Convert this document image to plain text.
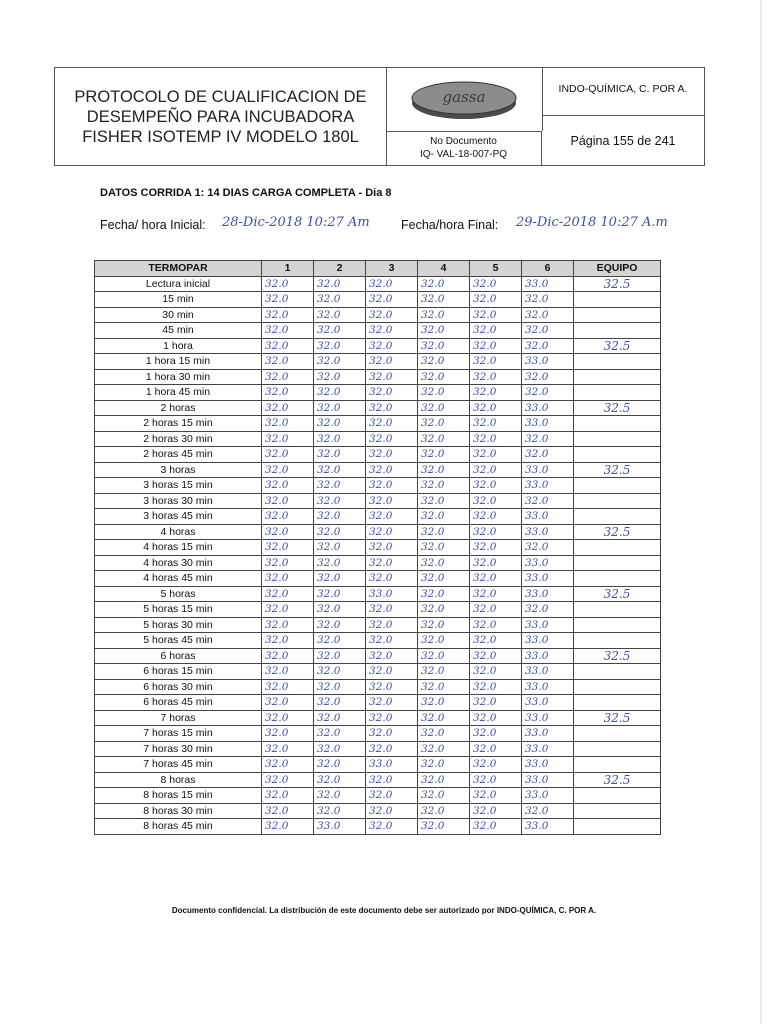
PROTOCOLO DE CUALIFICACION DE
DESEMPEÑO PARA INCUBADORA
FISHER ISOTEMP IV MODELO 180L
gassa
No Documento
IQ- VAL-18-007-PQ
INDO-QUÍMICA, C. POR A.
Página 155 de 241
DATOS CORRIDA 1: 14 DIAS CARGA COMPLETA - Dia 8
Fecha/ hora Inicial: 28-Dic-2018 10:27 Am	Fecha/hora Final: 29-Dic-2018 10:27 A.m
TERMOPAR	1	2	3	4	5	6	EQUIPO
Lectura inicial	32.0	32.0	32.0	32.0	32.0	33.0	32.5
15 min	32.0	32.0	32.0	32.0	32.0	32.0	
30 min	32.0	32.0	32.0	32.0	32.0	32.0	
45 min	32.0	32.0	32.0	32.0	32.0	32.0	
1 hora	32.0	32.0	32.0	32.0	32.0	32.0	32.5
1 hora 15 min	32.0	32.0	32.0	32.0	32.0	33.0	
1 hora 30 min	32.0	32.0	32.0	32.0	32.0	32.0	
1 hora 45 min	32.0	32.0	32.0	32.0	32.0	32.0	
2 horas	32.0	32.0	32.0	32.0	32.0	33.0	32.5
2 horas 15 min	32.0	32.0	32.0	32.0	32.0	33.0	
2 horas 30 min	32.0	32.0	32.0	32.0	32.0	32.0	
2 horas 45 min	32.0	32.0	32.0	32.0	32.0	32.0	
3 horas	32.0	32.0	32.0	32.0	32.0	33.0	32.5
3 horas 15 min	32.0	32.0	32.0	32.0	32.0	33.0	
3 horas 30 min	32.0	32.0	32.0	32.0	32.0	32.0	
3 horas 45 min	32.0	32.0	32.0	32.0	32.0	33.0	
4 horas	32.0	32.0	32.0	32.0	32.0	33.0	32.5
4 horas 15 min	32.0	32.0	32.0	32.0	32.0	32.0	
4 horas 30 min	32.0	32.0	32.0	32.0	32.0	33.0	
4 horas 45 min	32.0	32.0	32.0	32.0	32.0	33.0	
5 horas	32.0	32.0	33.0	32.0	32.0	33.0	32.5
5 horas 15 min	32.0	32.0	32.0	32.0	32.0	32.0	
5 horas 30 min	32.0	32.0	32.0	32.0	32.0	33.0	
5 horas 45 min	32.0	32.0	32.0	32.0	32.0	33.0	
6 horas	32.0	32.0	32.0	32.0	32.0	33.0	32.5
6 horas 15 min	32.0	32.0	32.0	32.0	32.0	33.0	
6 horas 30 min	32.0	32.0	32.0	32.0	32.0	33.0	
6 horas 45 min	32.0	32.0	32.0	32.0	32.0	33.0	
7 horas	32.0	32.0	32.0	32.0	32.0	33.0	32.5
7 horas 15 min	32.0	32.0	32.0	32.0	32.0	33.0	
7 horas 30 min	32.0	32.0	32.0	32.0	32.0	33.0	
7 horas 45 min	32.0	32.0	33.0	32.0	32.0	33.0	
8 horas	32.0	32.0	32.0	32.0	32.0	33.0	32.5
8 horas 15 min	32.0	32.0	32.0	32.0	32.0	33.0	
8 horas 30 min	32.0	32.0	32.0	32.0	32.0	32.0	
8 horas 45 min	32.0	33.0	32.0	32.0	32.0	33.0	
Documento confidencial. La distribución de este documento debe ser autorizado por INDO-QUÍMICA, C. POR A.
